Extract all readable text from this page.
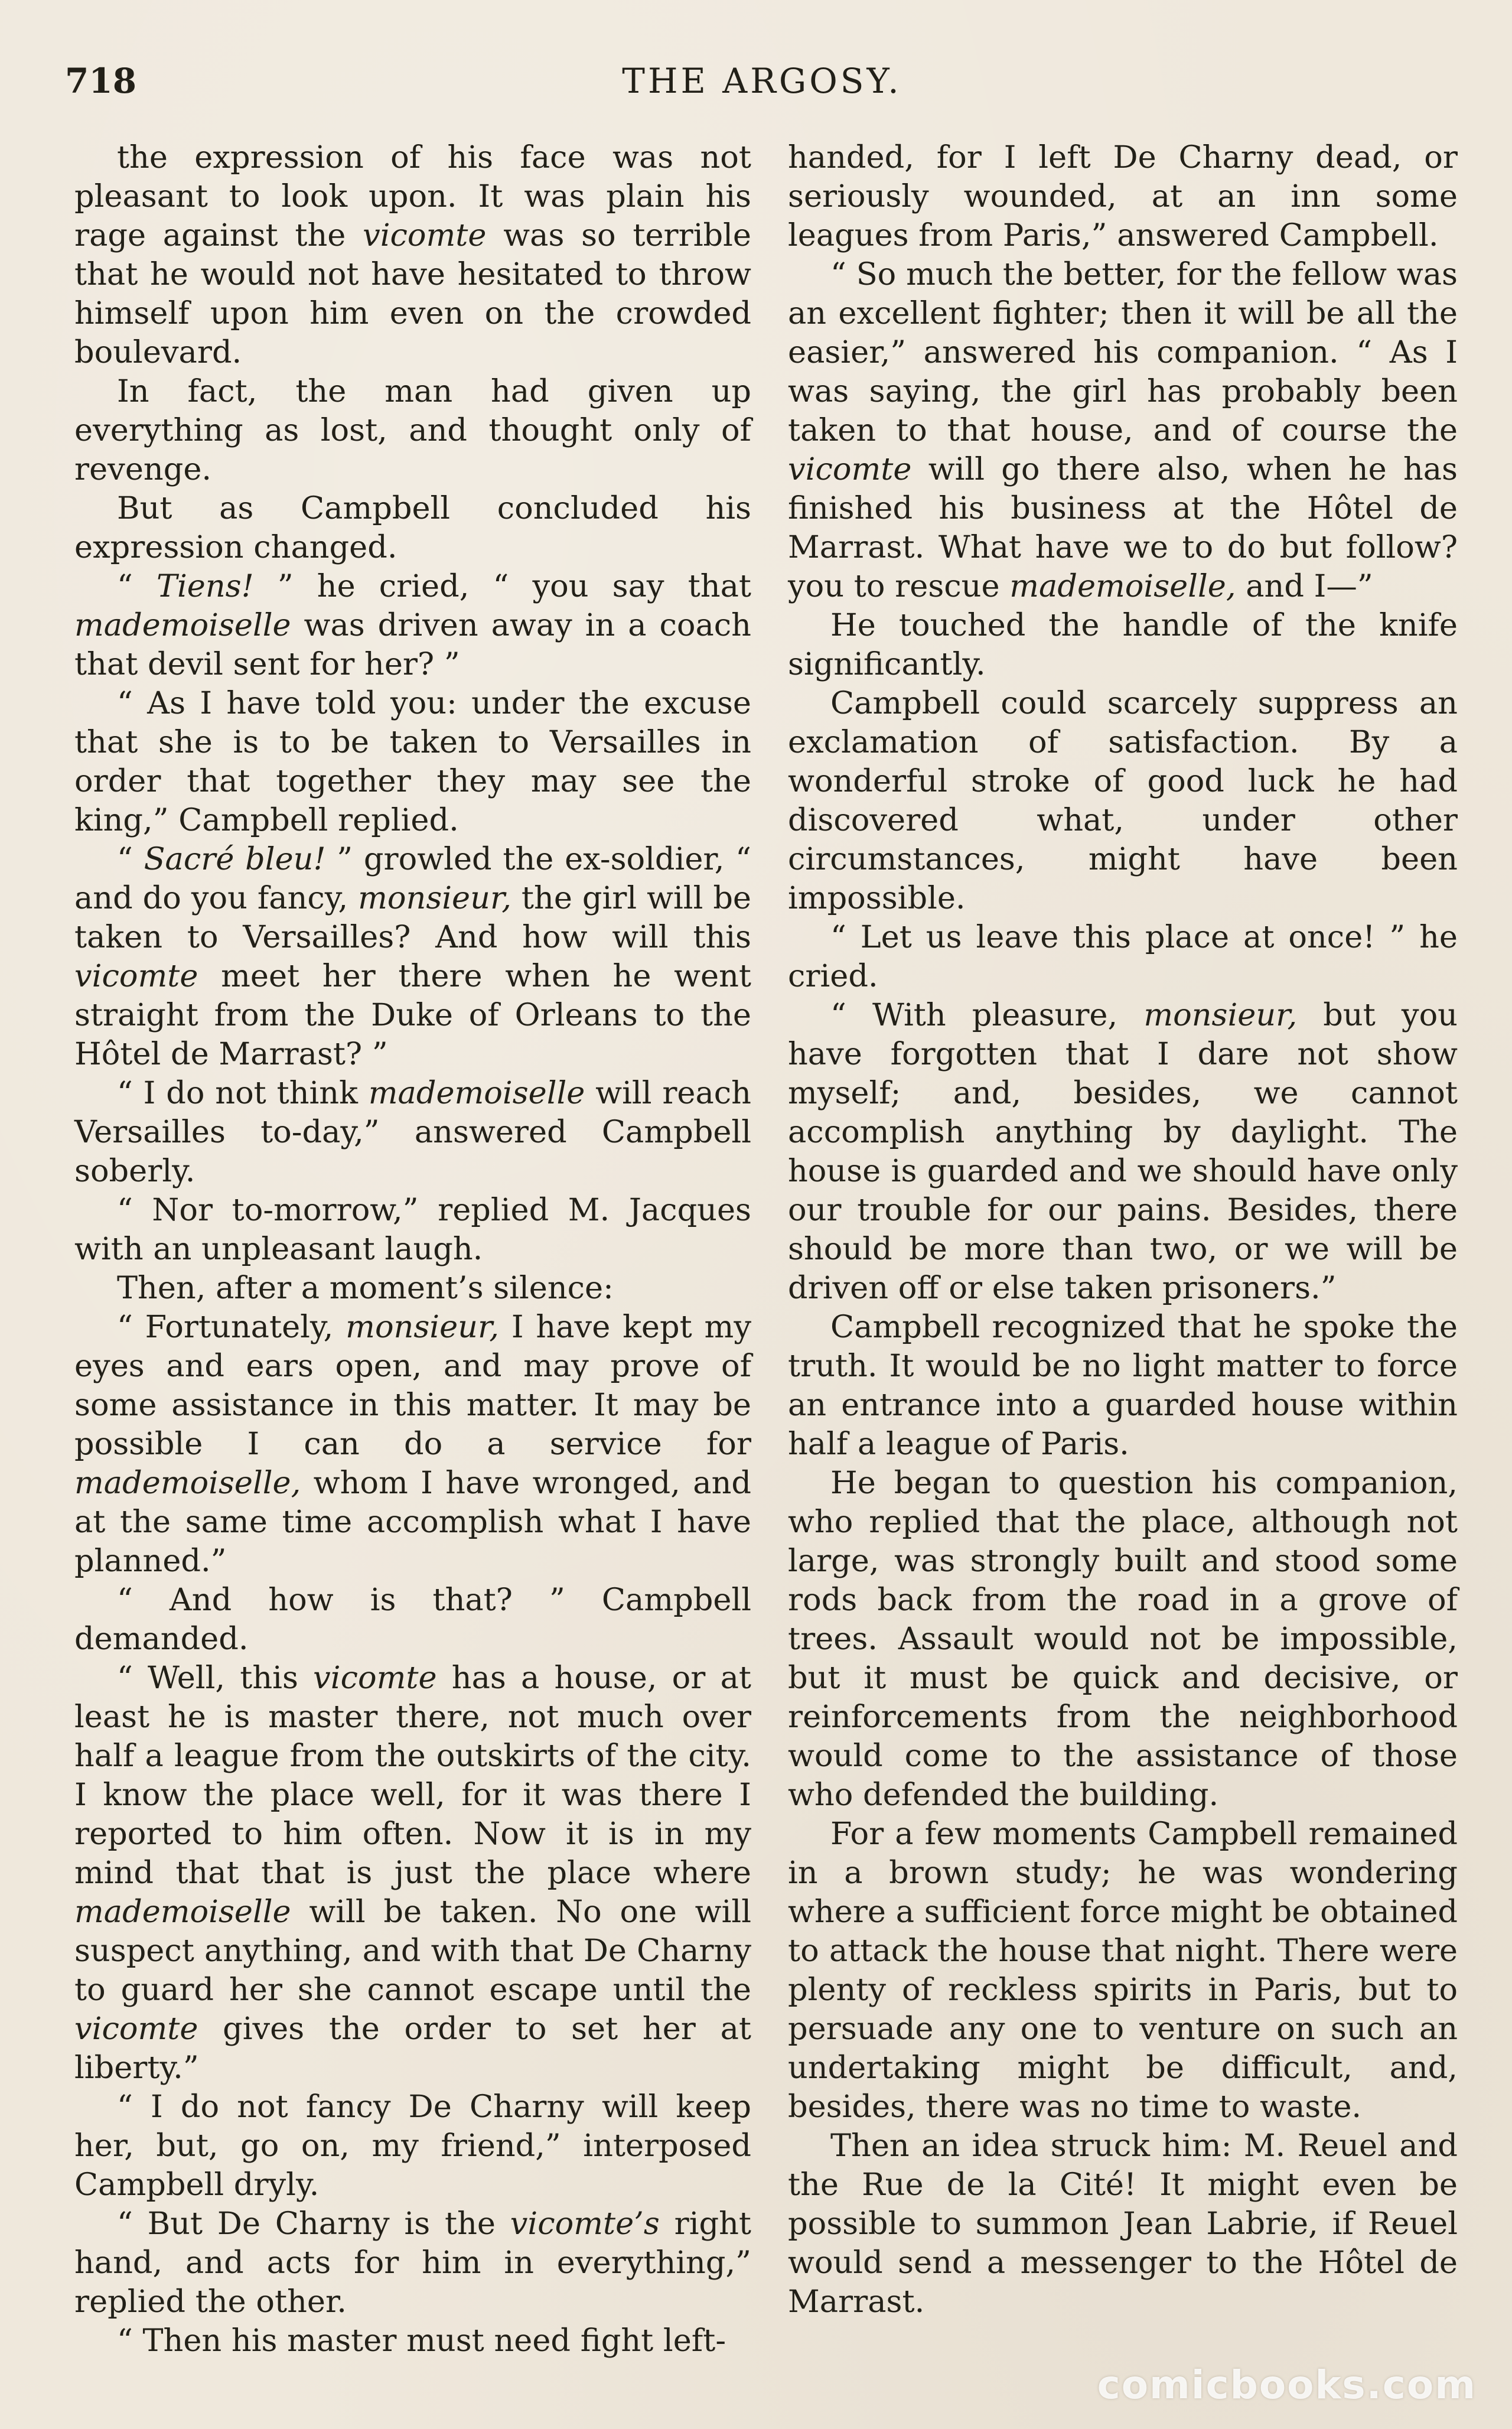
THE ARGOSY.
718

the expression of his face was not pleasant to look upon. It was plain his rage against the vicomte was so terrible that he would not have hesitated to throw himself upon him even on the crowded boulevard.

In fact, the man had given up everything as lost, and thought only of revenge.

But as Campbell concluded his expression changed.

“ Tiens! ” he cried, “ you say that mademoiselle was driven away in a coach that devil sent for her? ”

“ As I have told you: under the excuse that she is to be taken to Versailles in order that together they may see the king,” Campbell replied.

“ Sacré bleu! ” growled the ex-soldier, “ and do you fancy, monsieur, the girl will be taken to Versailles? And how will this vicomte meet her there when he went straight from the Duke of Orleans to the Hôtel de Marrast? ”

“ I do not think mademoiselle will reach Versailles to-day,” answered Campbell soberly.

“ Nor to-morrow,” replied M. Jacques with an unpleasant laugh.

Then, after a moment’s silence:

“ Fortunately, monsieur, I have kept my eyes and ears open, and may prove of some assistance in this matter. It may be possible I can do a service for mademoiselle, whom I have wronged, and at the same time accomplish what I have planned.”

“ And how is that? ” Campbell demanded.

“ Well, this vicomte has a house, or at least he is master there, not much over half a league from the outskirts of the city. I know the place well, for it was there I reported to him often. Now it is in my mind that that is just the place where mademoiselle will be taken. No one will suspect anything, and with that De Charny to guard her she cannot escape until the vicomte gives the order to set her at liberty.”

“ I do not fancy De Charny will keep her, but, go on, my friend,” interposed Campbell dryly.

“ But De Charny is the vicomte’s right hand, and acts for him in everything,” replied the other.

“ Then his master must need fight left-

handed, for I left De Charny dead, or seriously wounded, at an inn some leagues from Paris,” answered Campbell.

“ So much the better, for the fellow was an excellent fighter; then it will be all the easier,” answered his companion. “ As I was saying, the girl has probably been taken to that house, and of course the vicomte will go there also, when he has finished his business at the Hôtel de Marrast. What have we to do but follow? you to rescue mademoiselle, and I—”

He touched the handle of the knife significantly.

Campbell could scarcely suppress an exclamation of satisfaction. By a wonderful stroke of good luck he had discovered what, under other circumstances, might have been impossible.

“ Let us leave this place at once! ” he cried.

“ With pleasure, monsieur, but you have forgotten that I dare not show myself; and, besides, we cannot accomplish anything by daylight. The house is guarded and we should have only our trouble for our pains. Besides, there should be more than two, or we will be driven off or else taken prisoners.”

Campbell recognized that he spoke the truth. It would be no light matter to force an entrance into a guarded house within half a league of Paris.

He began to question his companion, who replied that the place, although not large, was strongly built and stood some rods back from the road in a grove of trees. Assault would not be impossible, but it must be quick and decisive, or reinforcements from the neighborhood would come to the assistance of those who defended the building.

For a few moments Campbell remained in a brown study; he was wondering where a sufficient force might be obtained to attack the house that night. There were plenty of reckless spirits in Paris, but to persuade any one to venture on such an undertaking might be difficult, and, besides, there was no time to waste.

Then an idea struck him: M. Reuel and the Rue de la Cité! It might even be possible to summon Jean Labrie, if Reuel would send a messenger to the Hôtel de Marrast.

comicbooks.com
